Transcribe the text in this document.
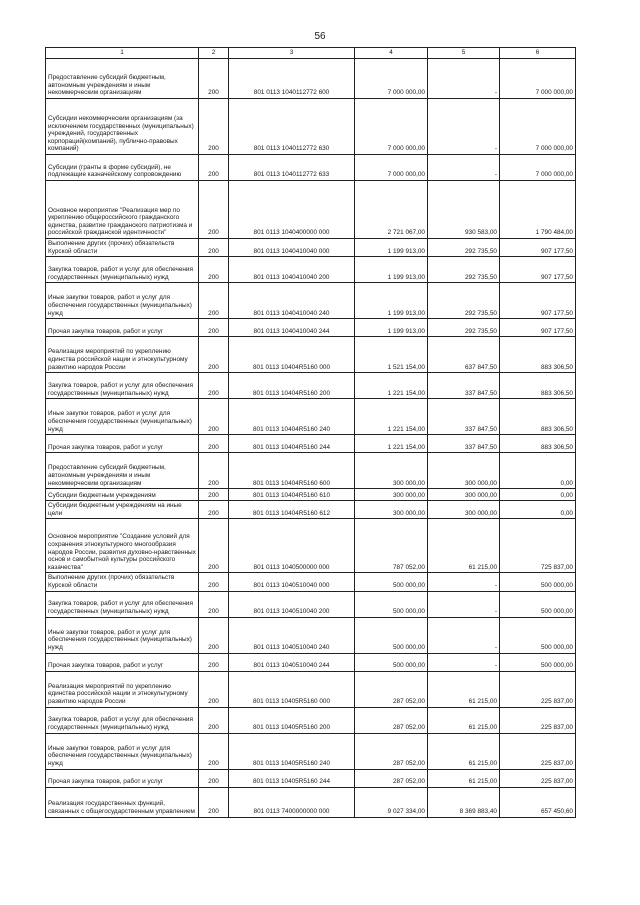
56
1	2	3	4	5	6
Предоставление субсидий бюджетным, автономным учреждениям и иным некоммерческим организациям	200	801 0113 1040112772 600	7 000 000,00	-	7 000 000,00
Субсидии некоммерческим организациям (за исключением государственных (муниципальных) учреждений, государственных корпораций(компаний), публично-правовых компаний)	200	801 0113 1040112772 630	7 000 000,00	-	7 000 000,00
Субсидии (гранты в форме субсидий), не подлежащие казначейскому сопровождению	200	801 0113 1040112772 633	7 000 000,00	-	7 000 000,00
Основное мероприятие "Реализация мер по укреплению общероссийского гражданского единства, развитие гражданского патриотизма и российской гражданской идентичности"	200	801 0113 1040400000 000	2 721 067,00	930 583,00	1 790 484,00
Выполнение других (прочих) обязательств Курской области	200	801 0113 1040410040 000	1 199 913,00	292 735,50	907 177,50
Закупка товаров, работ и услуг для обеспечения государственных (муниципальных) нужд	200	801 0113 1040410040 200	1 199 913,00	292 735,50	907 177,50
Иные закупки товаров, работ и услуг для обеспечения государственных (муниципальных) нужд	200	801 0113 1040410040 240	1 199 913,00	292 735,50	907 177,50
Прочая закупка товаров, работ и услуг	200	801 0113 1040410040 244	1 199 913,00	292 735,50	907 177,50
Реализация мероприятий по укреплению единства российской нации и этнокультурному развитию народов России	200	801 0113 10404R5160 000	1 521 154,00	637 847,50	883 306,50
Закупка товаров, работ и услуг для обеспечения государственных (муниципальных) нужд	200	801 0113 10404R5160 200	1 221 154,00	337 847,50	883 306,50
Иные закупки товаров, работ и услуг для обеспечения государственных (муниципальных) нужд	200	801 0113 10404R5160 240	1 221 154,00	337 847,50	883 306,50
Прочая закупка товаров, работ и услуг	200	801 0113 10404R5160 244	1 221 154,00	337 847,50	883 306,50
Предоставление субсидий бюджетным, автономным учреждениям и иным некоммерческим организациям	200	801 0113 10404R5160 600	300 000,00	300 000,00	0,00
Субсидии бюджетным учреждениям	200	801 0113 10404R5160 610	300 000,00	300 000,00	0,00
Субсидии бюджетным учреждениям на иные цели	200	801 0113 10404R5160 612	300 000,00	300 000,00	0,00
Основное мероприятие "Создание условий для сохранения этнокультурного многообразия народов России, развития духовно-нравственных основ и самобытной культуры российского казачества"	200	801 0113 1040500000 000	787 052,00	61 215,00	725 837,00
Выполнение других (прочих) обязательств Курской области	200	801 0113 1040510040 000	500 000,00	-	500 000,00
Закупка товаров, работ и услуг для обеспечения государственных (муниципальных) нужд	200	801 0113 1040510040 200	500 000,00	-	500 000,00
Иные закупки товаров, работ и услуг для обеспечения государственных (муниципальных) нужд	200	801 0113 1040510040 240	500 000,00	-	500 000,00
Прочая закупка товаров, работ и услуг	200	801 0113 1040510040 244	500 000,00	-	500 000,00
Реализация мероприятий по укреплению единства российской нации и этнокультурному развитию народов России	200	801 0113 10405R5160 000	287 052,00	61 215,00	225 837,00
Закупка товаров, работ и услуг для обеспечения государственных (муниципальных) нужд	200	801 0113 10405R5160 200	287 052,00	61 215,00	225 837,00
Иные закупки товаров, работ и услуг для обеспечения государственных (муниципальных) нужд	200	801 0113 10405R5160 240	287 052,00	61 215,00	225 837,00
Прочая закупка товаров, работ и услуг	200	801 0113 10405R5160 244	287 052,00	61 215,00	225 837,00
Реализация государственных функций, связанных с общегосударственным управлением	200	801 0113 7400000000 000	9 027 334,00	8 369 883,40	657 450,60
